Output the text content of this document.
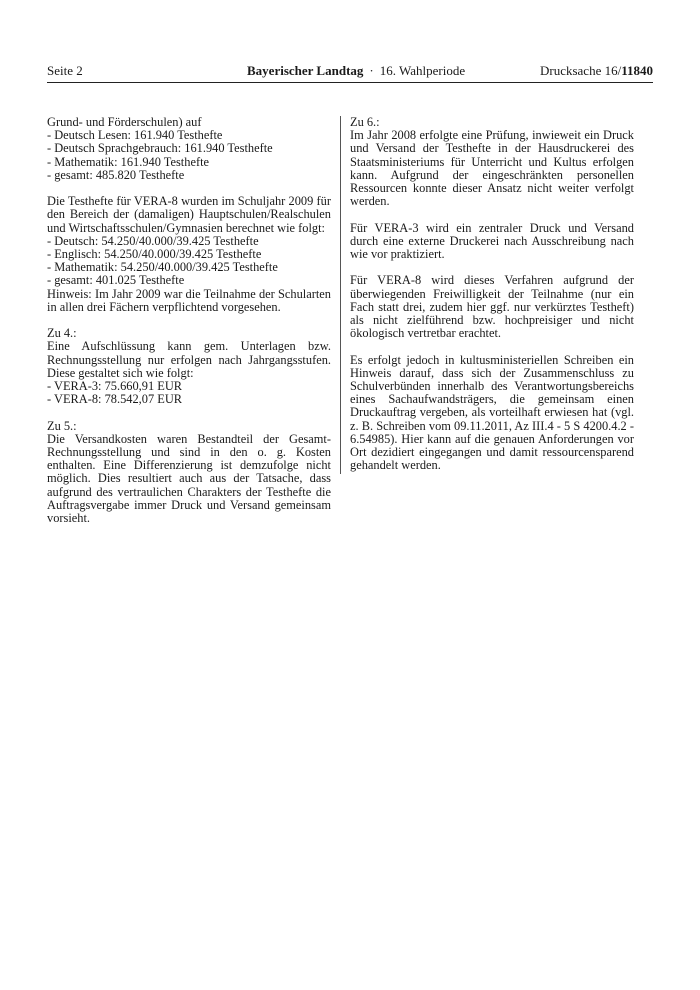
Seite 2	Bayerischer Landtag · 16. Wahlperiode	Drucksache 16/11840
Grund- und Förderschulen) auf
- Deutsch Lesen: 161.940 Testhefte
- Deutsch Sprachgebrauch: 161.940 Testhefte
- Mathematik: 161.940 Testhefte
- gesamt: 485.820 Testhefte

Die Testhefte für VERA-8 wurden im Schuljahr 2009 für den Bereich der (damaligen) Hauptschulen/Realschulen und Wirtschaftsschulen/Gymnasien berechnet wie folgt:

- Deutsch: 54.250/40.000/39.425 Testhefte
- Englisch: 54.250/40.000/39.425 Testhefte
- Mathematik: 54.250/40.000/39.425 Testhefte
- gesamt: 401.025 Testhefte

Hinweis: Im Jahr 2009 war die Teilnahme der Schularten in allen drei Fächern verpflichtend vorgesehen.

Zu 4.:

Eine Aufschlüssung kann gem. Unterlagen bzw. Rechnungsstellung nur erfolgen nach Jahrgangsstufen. Diese gestaltet sich wie folgt:

- VERA-3: 75.660,91 EUR
- VERA-8: 78.542,07 EUR
Zu 5.:

Die Versandkosten waren Bestandteil der Gesamt-Rechnungsstellung und sind in den o. g. Kosten enthalten. Eine Differenzierung ist demzufolge nicht möglich. Dies resultiert auch aus der Tatsache, dass aufgrund des vertraulichen Charakters der Testhefte die Auftragsvergabe immer Druck und Versand gemeinsam vorsieht.

Zu 6.:

Im Jahr 2008 erfolgte eine Prüfung, inwieweit ein Druck und Versand der Testhefte in der Hausdruckerei des Staatsministeriums für Unterricht und Kultus erfolgen kann. Aufgrund der eingeschränkten personellen Ressourcen konnte dieser Ansatz nicht weiter verfolgt werden.

Für VERA-3 wird ein zentraler Druck und Versand durch eine externe Druckerei nach Ausschreibung nach wie vor praktiziert.

Für VERA-8 wird dieses Verfahren aufgrund der überwiegenden Freiwilligkeit der Teilnahme (nur ein Fach statt drei, zudem hier ggf. nur verkürztes Testheft) als nicht zielführend bzw. hochpreisiger und nicht ökologisch vertretbar erachtet.

Es erfolgt jedoch in kultusministeriellen Schreiben ein Hinweis darauf, dass sich der Zusammenschluss zu Schulverbünden innerhalb des Verantwortungsbereichs eines Sachaufwandsträgers, die gemeinsam einen Druckauftrag vergeben, als vorteilhaft erwiesen hat (vgl. z. B. Schreiben vom 09.11.2011, Az III.4 - 5 S 4200.4.2 - 6.54985). Hier kann auf die genauen Anforderungen vor Ort dezidiert eingegangen und damit ressourcensparend gehandelt werden.
